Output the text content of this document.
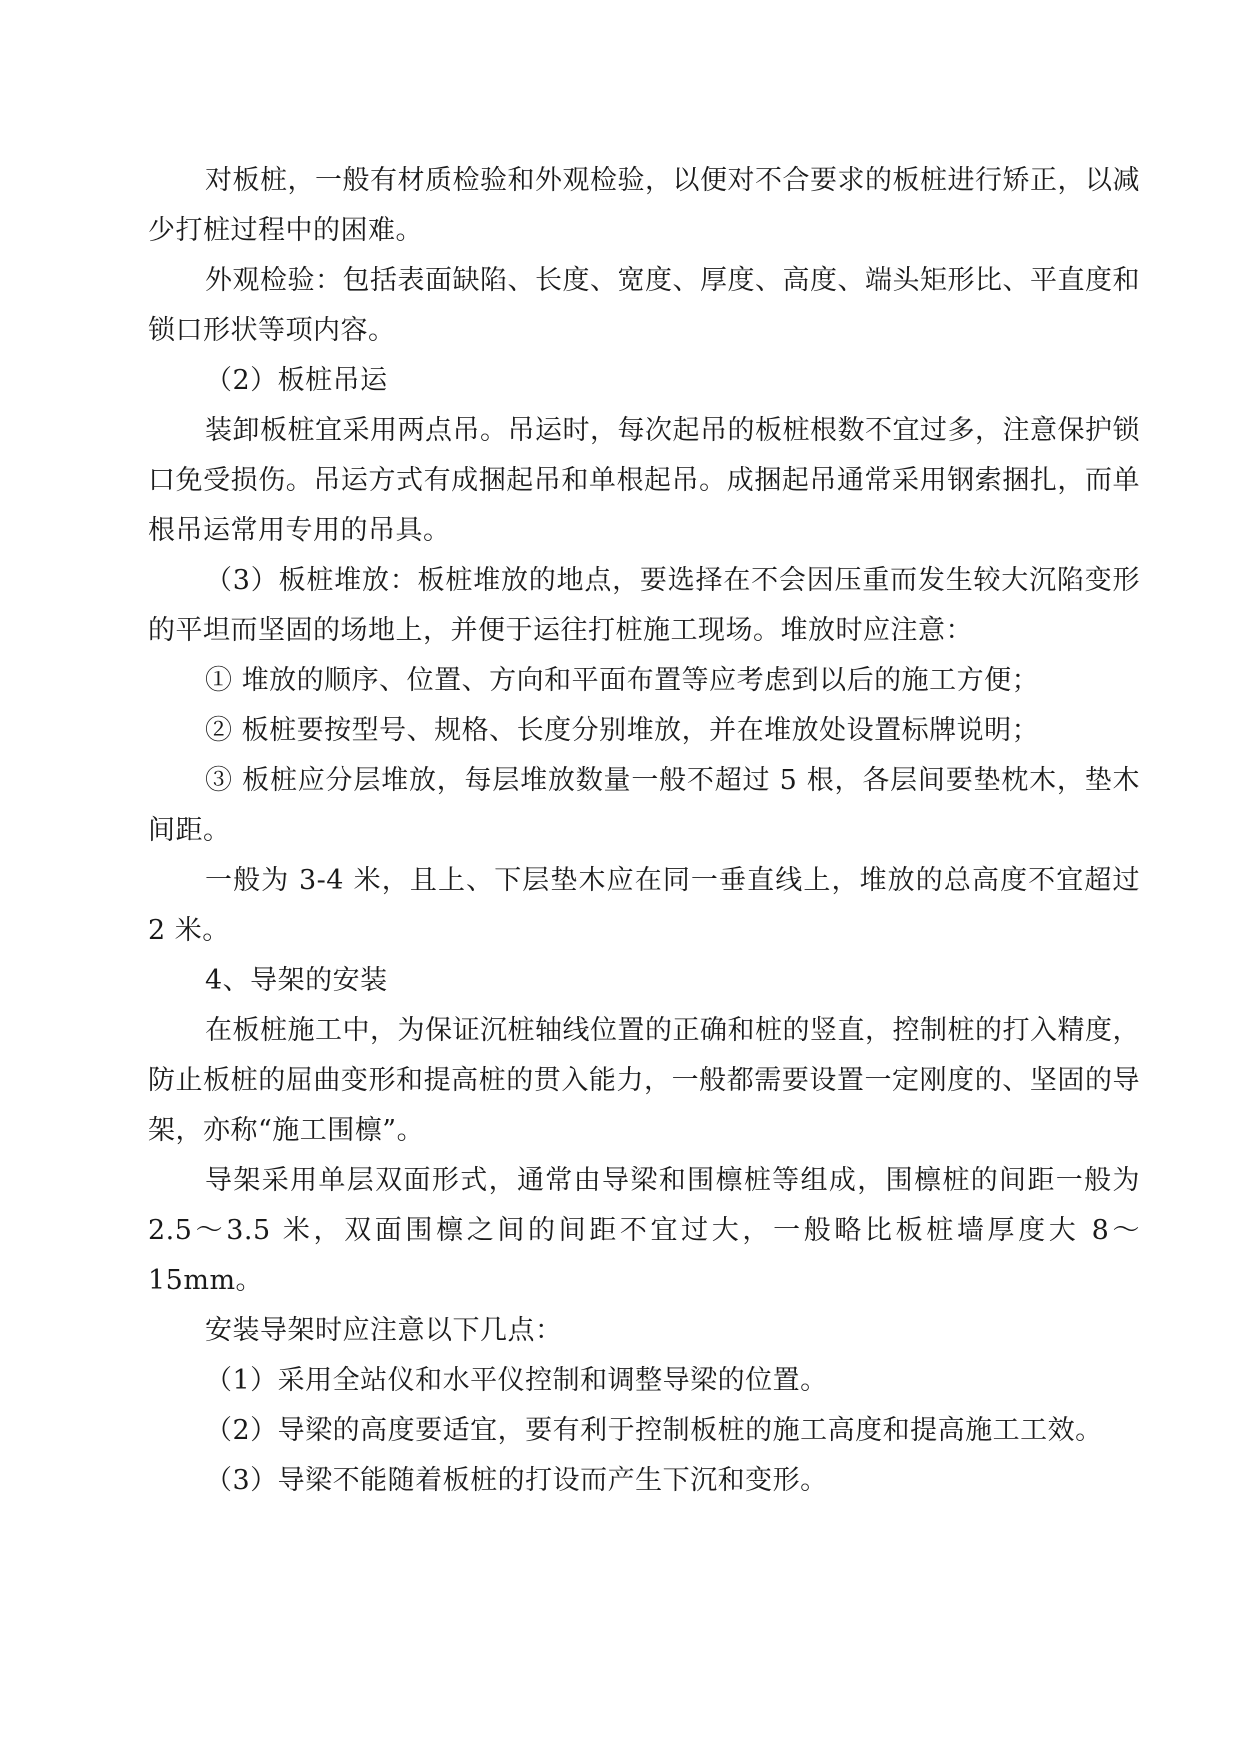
对板桩，一般有材质检验和外观检验，以便对不合要求的板桩进行矫正，以减少打桩过程中的困难。

外观检验：包括表面缺陷、长度、宽度、厚度、高度、端头矩形比、平直度和锁口形状等项内容。

（2）板桩吊运

装卸板桩宜采用两点吊。吊运时，每次起吊的板桩根数不宜过多，注意保护锁口免受损伤。吊运方式有成捆起吊和单根起吊。成捆起吊通常采用钢索捆扎，而单根吊运常用专用的吊具。

（3）板桩堆放：板桩堆放的地点，要选择在不会因压重而发生较大沉陷变形的平坦而坚固的场地上，并便于运往打桩施工现场。堆放时应注意：

① 堆放的顺序、位置、方向和平面布置等应考虑到以后的施工方便；

② 板桩要按型号、规格、长度分别堆放，并在堆放处设置标牌说明；

③ 板桩应分层堆放，每层堆放数量一般不超过 5 根，各层间要垫枕木，垫木间距。

一般为 3-4 米，且上、下层垫木应在同一垂直线上，堆放的总高度不宜超过 2 米。

4、导架的安装

在板桩施工中，为保证沉桩轴线位置的正确和桩的竖直，控制桩的打入精度，防止板桩的屈曲变形和提高桩的贯入能力，一般都需要设置一定刚度的、坚固的导架，亦称“施工围檩”。

导架采用单层双面形式，通常由导梁和围檩桩等组成，围檩桩的间距一般为 2.5～3.5 米，双面围檩之间的间距不宜过大，一般略比板桩墙厚度大 8～15mm。

安装导架时应注意以下几点：

（1）采用全站仪和水平仪控制和调整导梁的位置。

（2）导梁的高度要适宜，要有利于控制板桩的施工高度和提高施工工效。

（3）导梁不能随着板桩的打设而产生下沉和变形。
